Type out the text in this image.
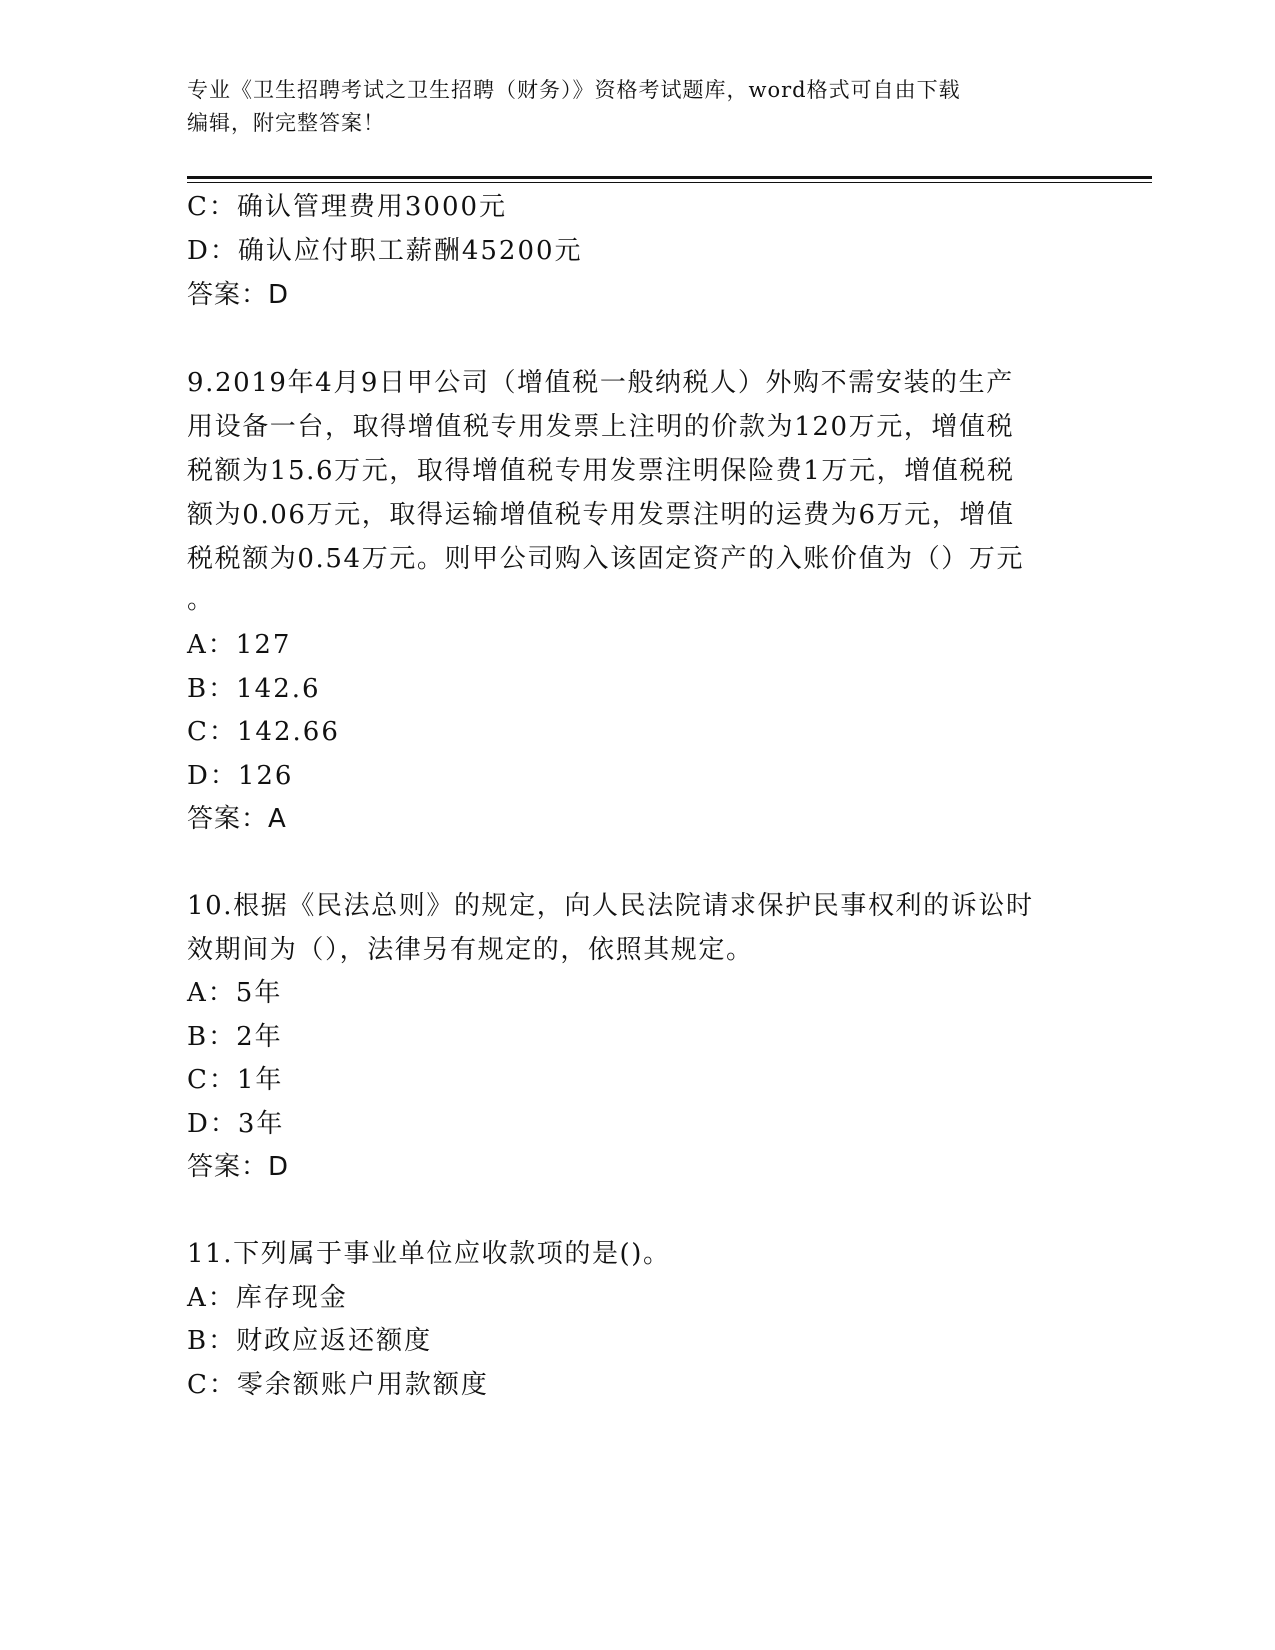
专业《卫生招聘考试之卫生招聘（财务）》资格考试题库，word格式可自由下载
编辑，附完整答案！
C：确认管理费用3000元
D：确认应付职工薪酬45200元
答案：D
9.2019年4月9日甲公司（增值税一般纳税人）外购不需安装的生产
用设备一台，取得增值税专用发票上注明的价款为120万元，增值税
税额为15.6万元，取得增值税专用发票注明保险费1万元，增值税税
额为0.06万元，取得运输增值税专用发票注明的运费为6万元，增值
税税额为0.54万元。则甲公司购入该固定资产的入账价值为（）万元
。
A：127
B：142.6
C：142.66
D：126
答案：A
10.根据《民法总则》的规定，向人民法院请求保护民事权利的诉讼时
效期间为（），法律另有规定的，依照其规定。
A：5年
B：2年
C：1年
D：3年
答案：D
11.下列属于事业单位应收款项的是()。
A：库存现金
B：财政应返还额度
C：零余额账户用款额度
